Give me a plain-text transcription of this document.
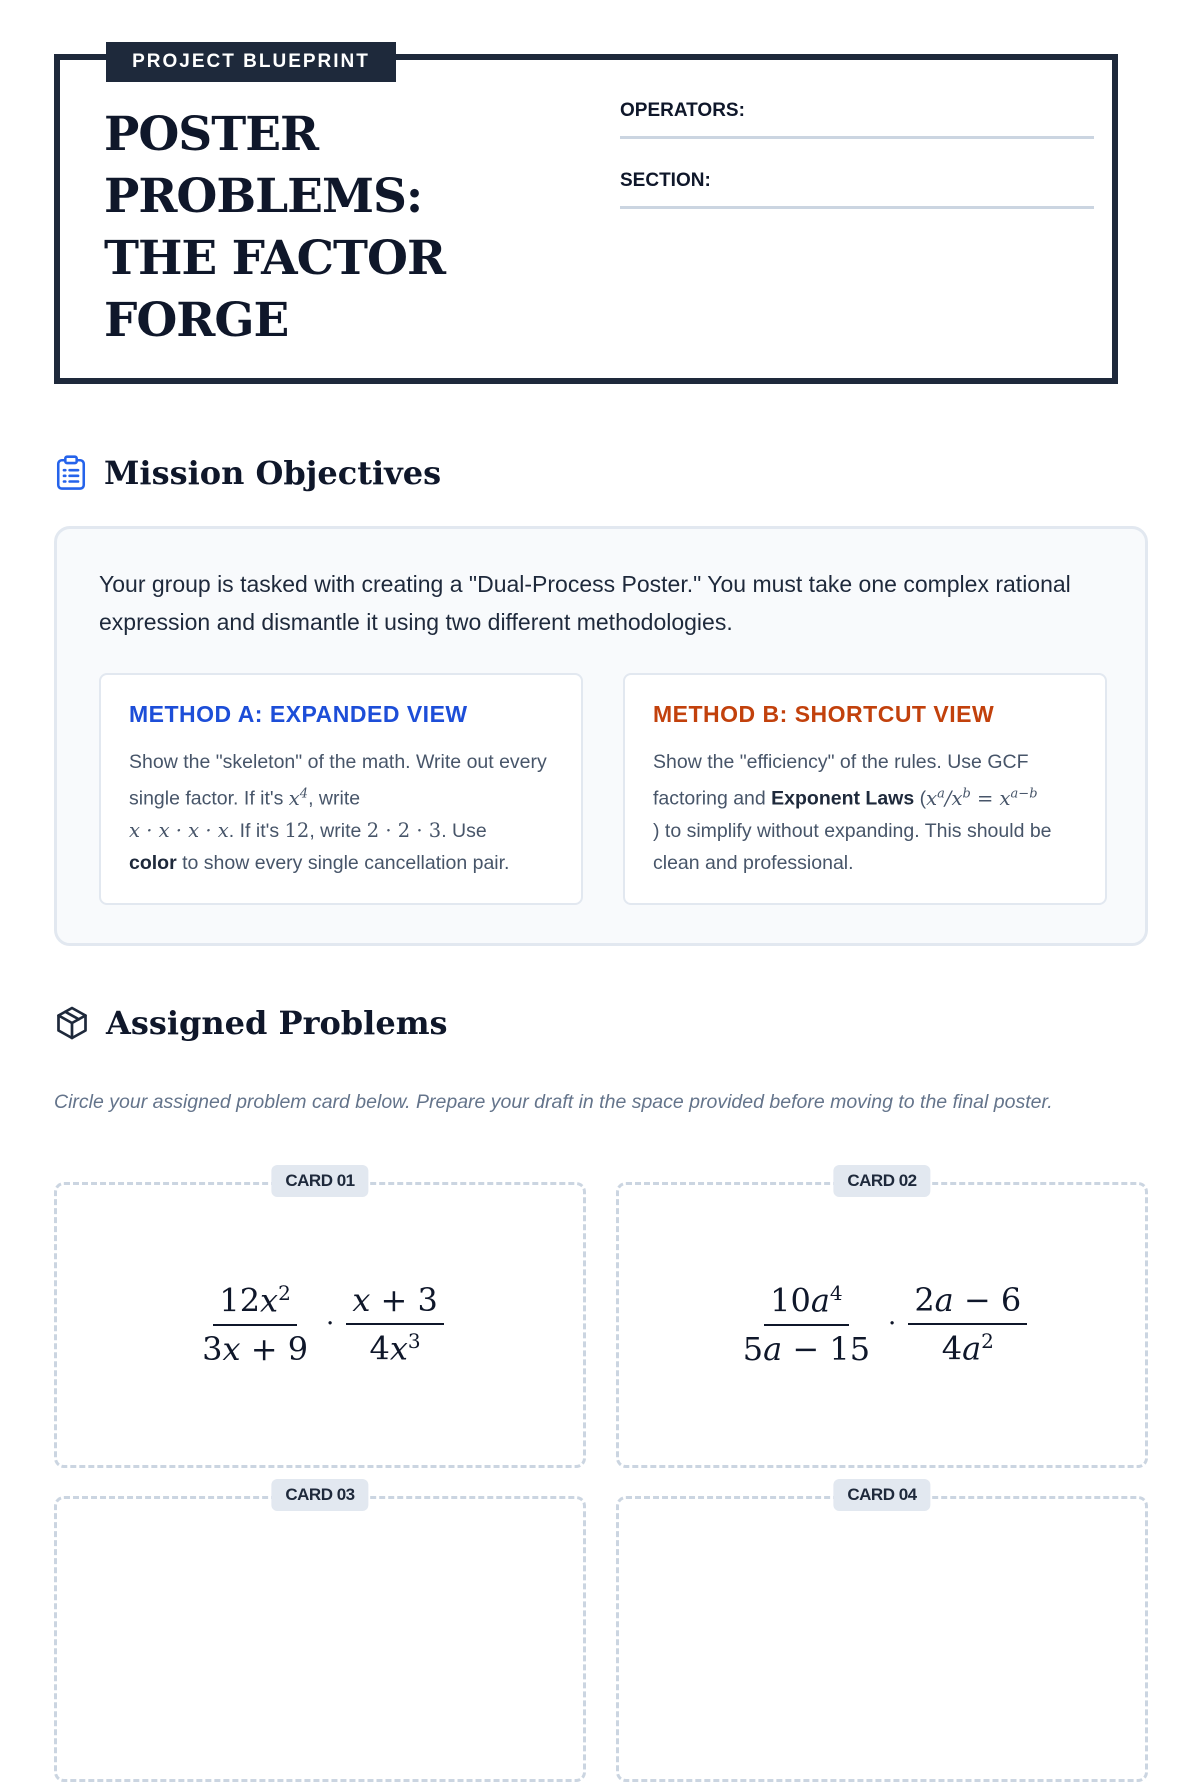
PROJECT BLUEPRINT
POSTER
PROBLEMS:
THE FACTOR
FORGE
OPERATORS:
SECTION:
Mission Objectives

Your group is tasked with creating a "Dual-Process Poster." You must take one complex rational expression and dismantle it using two different methodologies.

METHOD A: EXPANDED VIEW

Show the "skeleton" of the math. Write out every single factor. If it's $x^4$, write
x · x · x · x. If it's 12, write 2 · 2 · 3. Use
color to show every single cancellation pair.

METHOD B: SHORTCUT VIEW

Show the "efficiency" of the rules. Use GCF factoring and Exponent Laws ($x^a/x^b = x^{a-b}$
) to simplify without expanding. This should be clean and professional.

Assigned Problems

Circle your assigned problem card below. Prepare your draft in the space provided before moving to the final poster.

CARD 01
$\frac{12x^2}{3x + 9} \cdot \frac{x + 3}{4x^3}$
CARD 02
$\frac{10a^4}{5a - 15} \cdot \frac{2a - 6}{4a^2}$
CARD 03	CARD 04
